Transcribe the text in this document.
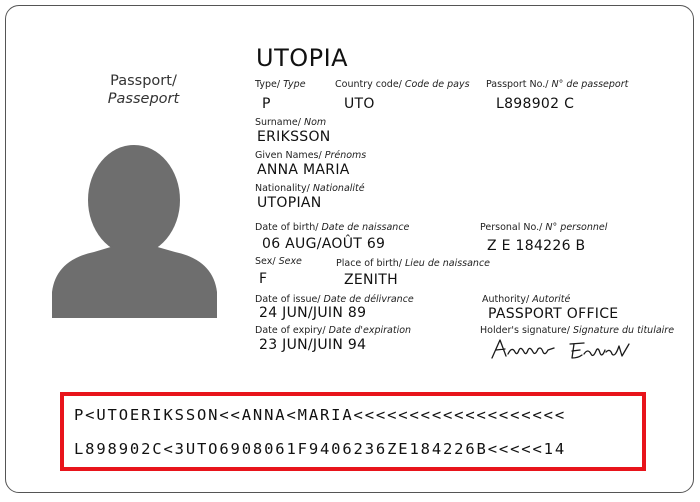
Passport/
Passeport
UTOPIA
Type/ Type
P
Country code/ Code de pays
UTO
Passport No./ N° de passeport
L898902 C
Surname/ Nom
ERIKSSON
Given Names/ Prénoms
ANNA MARIA
Nationality/ Nationalité
UTOPIAN
Date of birth/ Date de naissance
06 AUG/AOÛT 69
Personal No./ N° personnel
Z E 184226 B
Sex/ Sexe
F
Place of birth/ Lieu de naissance
ZENITH
Date of issue/ Date de délivrance
24 JUN/JUIN 89
Authority/ Autorité
PASSPORT OFFICE
Date of expiry/ Date d'expiration
23 JUN/JUIN 94
Holder's signature/ Signature du titulaire
P<UTOERIKSSON<<ANNA<MARIA<<<<<<<<<<<<<<<<<<<
L898902C<3UTO6908061F9406236ZE184226B<<<<<14
